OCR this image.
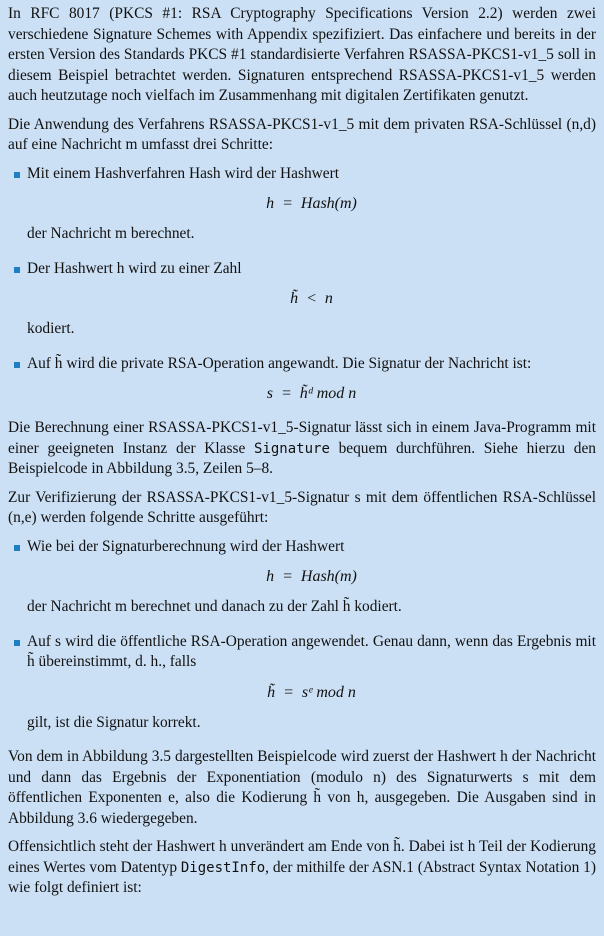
In RFC 8017 (PKCS #1: RSA Cryptography Specifications Version 2.2) werden zwei verschiedene Signature Schemes with Appendix spezifiziert. Das einfachere und bereits in der ersten Version des Standards PKCS #1 standardisierte Verfahren RSASSA-PKCS1-v1_5 soll in diesem Beispiel betrachtet werden. Signaturen entsprechend RSASSA-PKCS1-v1_5 werden auch heutzutage noch vielfach im Zusammenhang mit digitalen Zertifikaten genutzt.

Die Anwendung des Verfahrens RSASSA-PKCS1-v1_5 mit dem privaten RSA-Schlüssel (n,d) auf eine Nachricht m umfasst drei Schritte:

Mit einem Hashverfahren Hash wird der Hashwert
h  =  Hash(m)
der Nachricht m berechnet.
Der Hashwert h wird zu einer Zahl
h̃  <  n
kodiert.
Auf h̃ wird die private RSA-Operation angewandt. Die Signatur der Nachricht ist:
s  =  h̃ᵈ mod n

Die Berechnung einer RSASSA-PKCS1-v1_5-Signatur lässt sich in einem Java-Programm mit einer geeigneten Instanz der Klasse Signature bequem durchführen. Siehe hierzu den Beispielcode in Abbildung 3.5, Zeilen 5–8.

Zur Verifizierung der RSASSA-PKCS1-v1_5-Signatur s mit dem öffentlichen RSA-Schlüssel (n,e) werden folgende Schritte ausgeführt:

Wie bei der Signaturberechnung wird der Hashwert
h  =  Hash(m)
der Nachricht m berechnet und danach zu der Zahl h̃ kodiert.
Auf s wird die öffentliche RSA-Operation angewendet. Genau dann, wenn das Ergebnis mit h̃ übereinstimmt, d. h., falls
h̃  =  sᵉ mod n
gilt, ist die Signatur korrekt.

Von dem in Abbildung 3.5 dargestellten Beispielcode wird zuerst der Hashwert h der Nachricht und dann das Ergebnis der Exponentiation (modulo n) des Signaturwerts s mit dem öffentlichen Exponenten e, also die Kodierung h̃ von h, ausgegeben. Die Ausgaben sind in Abbildung 3.6 wiedergegeben.

Offensichtlich steht der Hashwert h unverändert am Ende von h̃. Dabei ist h Teil der Kodierung eines Wertes vom Datentyp DigestInfo, der mithilfe der ASN.1 (Abstract Syntax Notation 1) wie folgt definiert ist:
